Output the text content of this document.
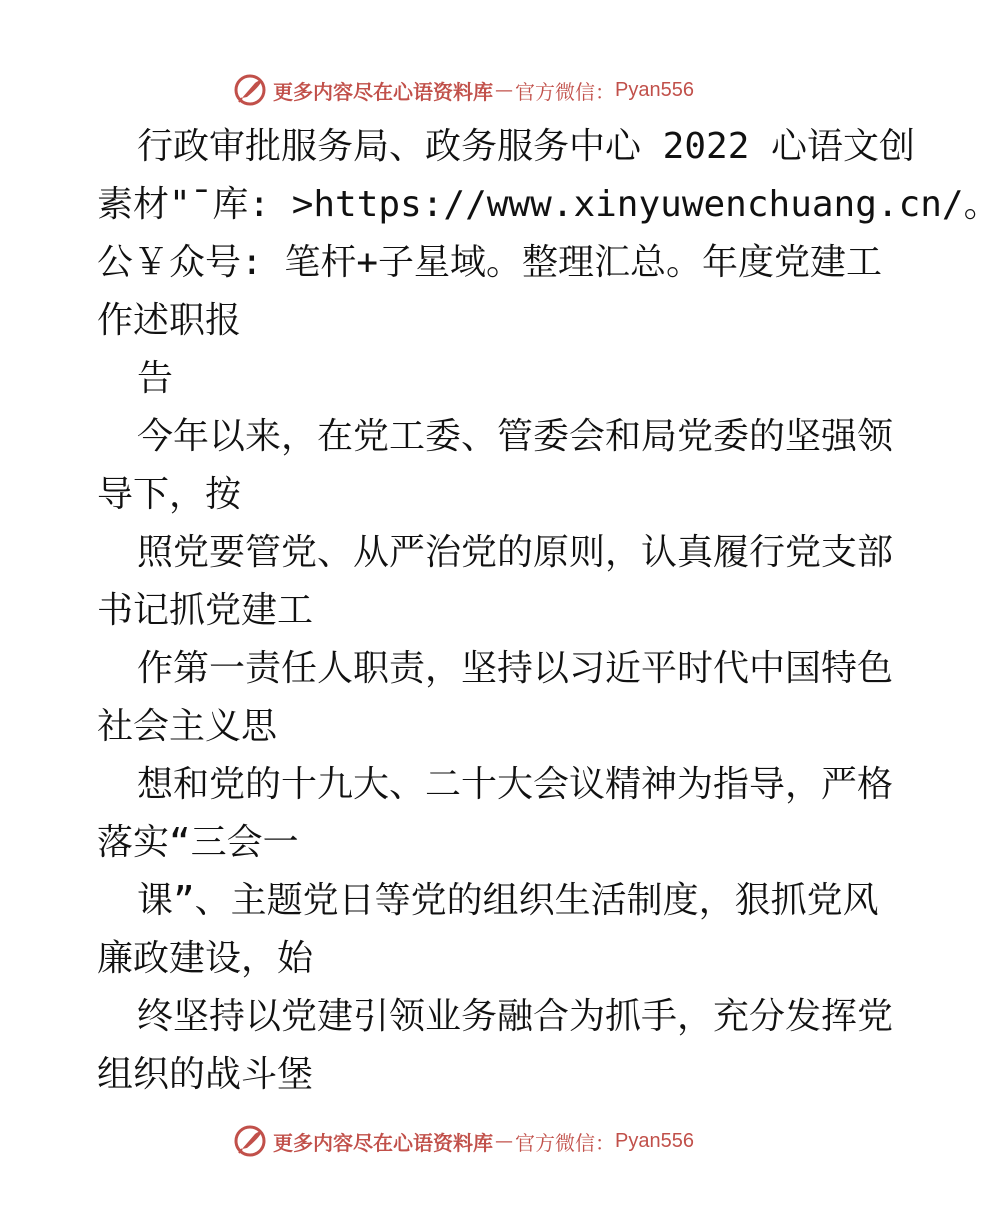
更多内容尽在心语资料库 — 官方微信： Pyan556
行政审批服务局、政务服务中心 2022 心语文创
素材"¯库: >https://www.xinyuwenchuang.cn/。
公￥众号: 笔杆+子星域。整理汇总。年度党建工
作述职报
告
今年以来，在党工委、管委会和局党委的坚强领
导下，按
照党要管党、从严治党的原则，认真履行党支部
书记抓党建工
作第一责任人职责，坚持以习近平时代中国特色
社会主义思
想和党的十九大、二十大会议精神为指导，严格
落实“三会一
课”、主题党日等党的组织生活制度，狠抓党风
廉政建设，始
终坚持以党建引领业务融合为抓手，充分发挥党
组织的战斗堡
更多内容尽在心语资料库 — 官方微信： Pyan556
